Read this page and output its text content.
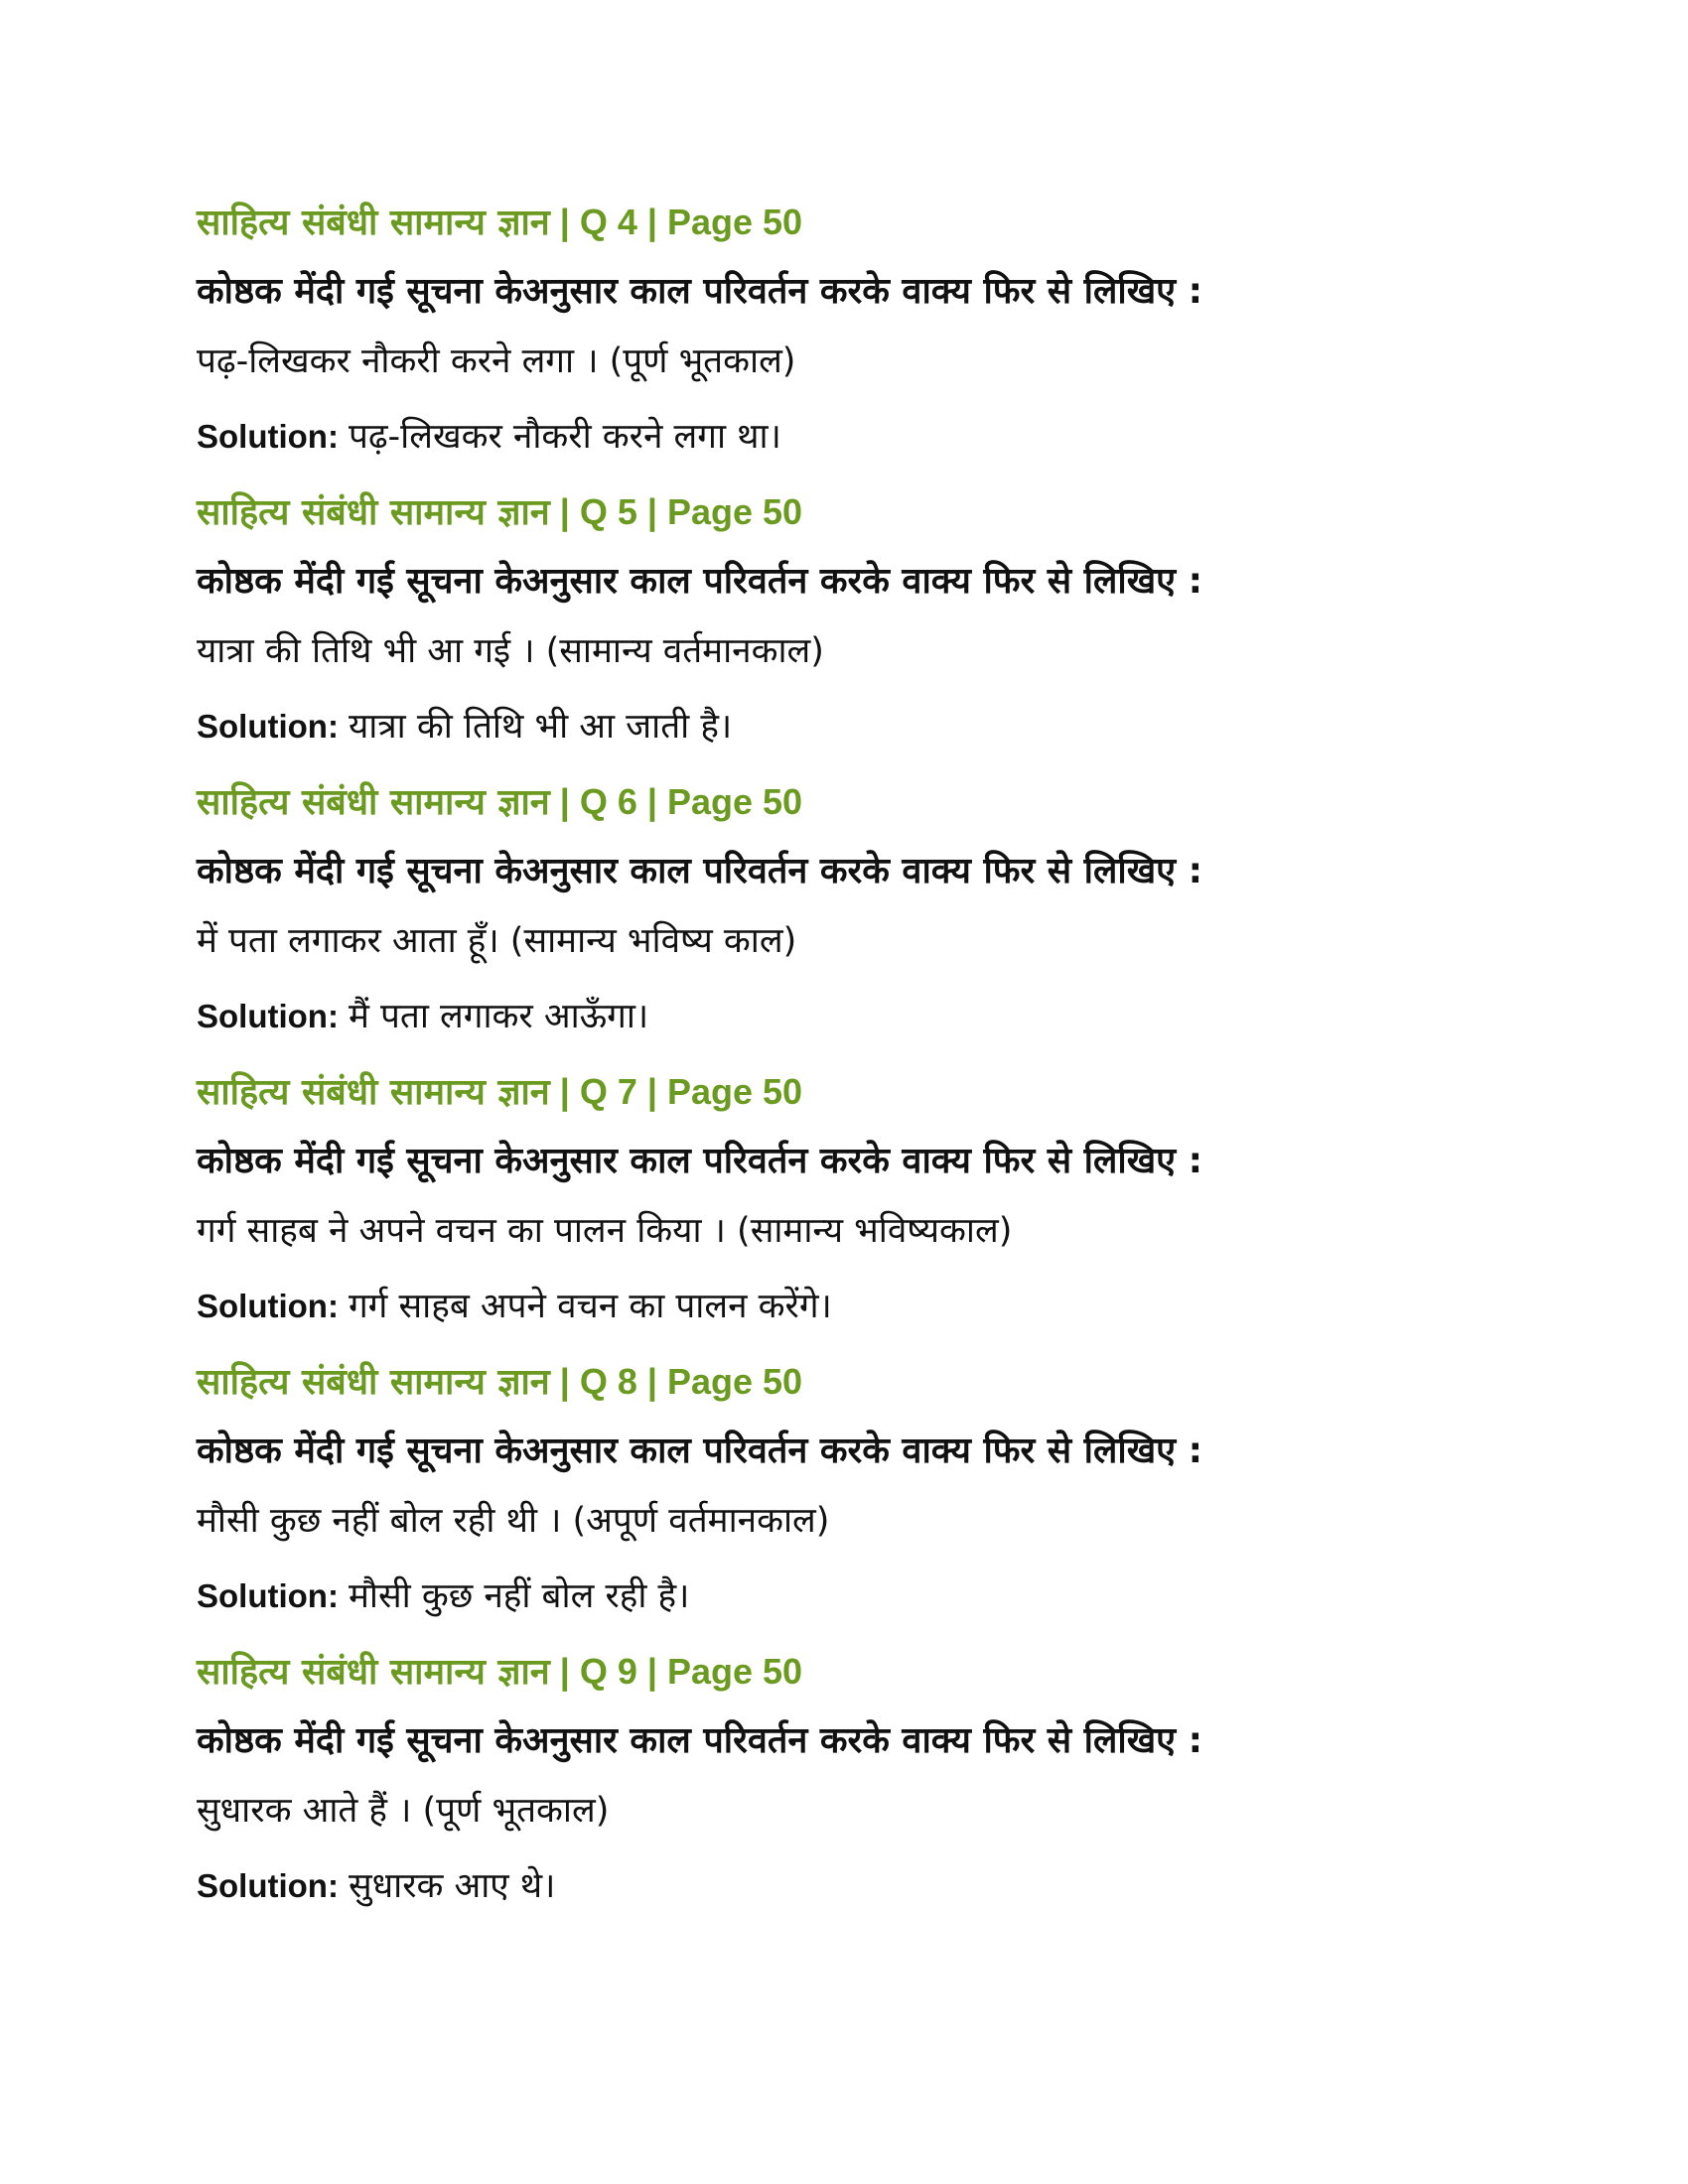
साहित्य संबंधी सामान्य ज्ञान | Q 4 | Page 50
कोष्ठक मेंदी गई सूचना केअनुसार काल परिवर्तन करके वाक्य फिर से लिखिए :
पढ़-लिखकर नौकरी करने लगा । (पूर्ण भूतकाल)
Solution: पढ़-लिखकर नौकरी करने लगा था।
साहित्य संबंधी सामान्य ज्ञान | Q 5 | Page 50
कोष्ठक मेंदी गई सूचना केअनुसार काल परिवर्तन करके वाक्य फिर से लिखिए :
यात्रा की तिथि भी आ गई । (सामान्य वर्तमानकाल)
Solution: यात्रा की तिथि भी आ जाती है।
साहित्य संबंधी सामान्य ज्ञान | Q 6 | Page 50
कोष्ठक मेंदी गई सूचना केअनुसार काल परिवर्तन करके वाक्य फिर से लिखिए :
में पता लगाकर आता हूँ। (सामान्य भविष्य काल)
Solution: मैं पता लगाकर आऊँगा।
साहित्य संबंधी सामान्य ज्ञान | Q 7 | Page 50
कोष्ठक मेंदी गई सूचना केअनुसार काल परिवर्तन करके वाक्य फिर से लिखिए :
गर्ग साहब ने अपने वचन का पालन किया । (सामान्य भविष्यकाल)
Solution: गर्ग साहब अपने वचन का पालन करेंगे।
साहित्य संबंधी सामान्य ज्ञान | Q 8 | Page 50
कोष्ठक मेंदी गई सूचना केअनुसार काल परिवर्तन करके वाक्य फिर से लिखिए :
मौसी कुछ नहीं बोल रही थी । (अपूर्ण वर्तमानकाल)
Solution: मौसी कुछ नहीं बोल रही है।
साहित्य संबंधी सामान्य ज्ञान | Q 9 | Page 50
कोष्ठक मेंदी गई सूचना केअनुसार काल परिवर्तन करके वाक्य फिर से लिखिए :
सुधारक आते हैं । (पूर्ण भूतकाल)
Solution: सुधारक आए थे।
